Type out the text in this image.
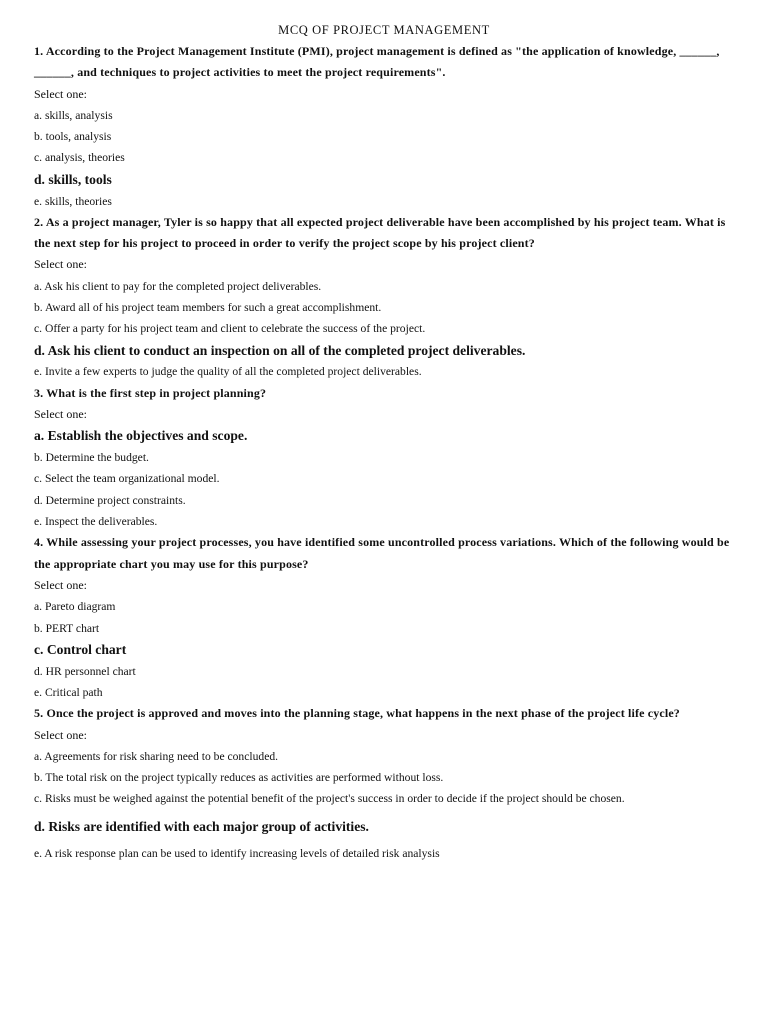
MCQ OF PROJECT MANAGEMENT
1. According to the Project Management Institute (PMI), project management is defined as "the application of knowledge, ______, ______, and techniques to project activities to meet the project requirements".
Select one:
a. skills, analysis
b. tools, analysis
c. analysis, theories
d. skills, tools
e. skills, theories
2. As a project manager, Tyler is so happy that all expected project deliverable have been accomplished by his project team. What is the next step for his project to proceed in order to verify the project scope by his project client?
Select one:
a. Ask his client to pay for the completed project deliverables.
b. Award all of his project team members for such a great accomplishment.
c. Offer a party for his project team and client to celebrate the success of the project.
d. Ask his client to conduct an inspection on all of the completed project deliverables.
e. Invite a few experts to judge the quality of all the completed project deliverables.
3. What is the first step in project planning?
Select one:
a. Establish the objectives and scope.
b. Determine the budget.
c. Select the team organizational model.
d. Determine project constraints.
e. Inspect the deliverables.
4. While assessing your project processes, you have identified some uncontrolled process variations. Which of the following would be the appropriate chart you may use for this purpose?
Select one:
a. Pareto diagram
b. PERT chart
c. Control chart
d. HR personnel chart
e. Critical path
5. Once the project is approved and moves into the planning stage, what happens in the next phase of the project life cycle?
Select one:
a. Agreements for risk sharing need to be concluded.
b. The total risk on the project typically reduces as activities are performed without loss.
c. Risks must be weighed against the potential benefit of the project's success in order to decide if the project should be chosen.
d. Risks are identified with each major group of activities.
e. A risk response plan can be used to identify increasing levels of detailed risk analysis
